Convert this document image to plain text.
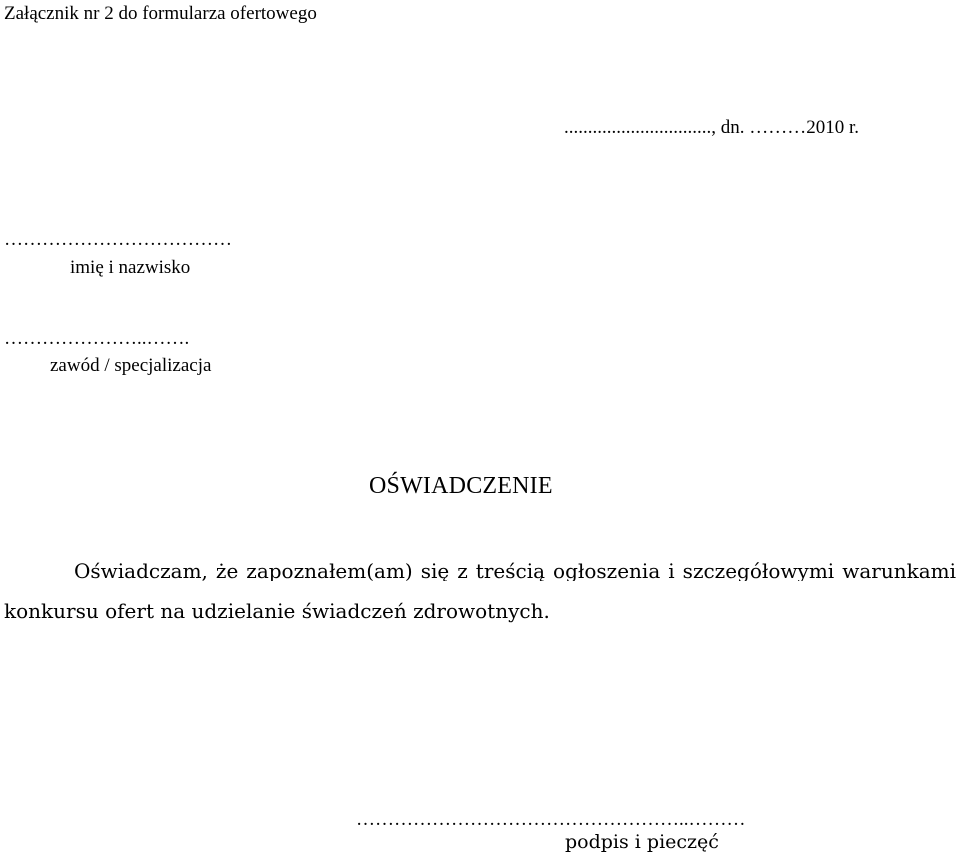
Załącznik nr 2 do formularza ofertowego
..............................., dn. ………2010 r.
………………………………
imię i nazwisko
…………………..…….
zawód / specjalizacja
OŚWIADCZENIE
Oświadczam, że zapoznałem(am) się z treścią ogłoszenia i szczegółowymi warunkami
konkursu ofert na udzielanie świadczeń zdrowotnych.
……………………………………………..………
podpis i pieczęć
